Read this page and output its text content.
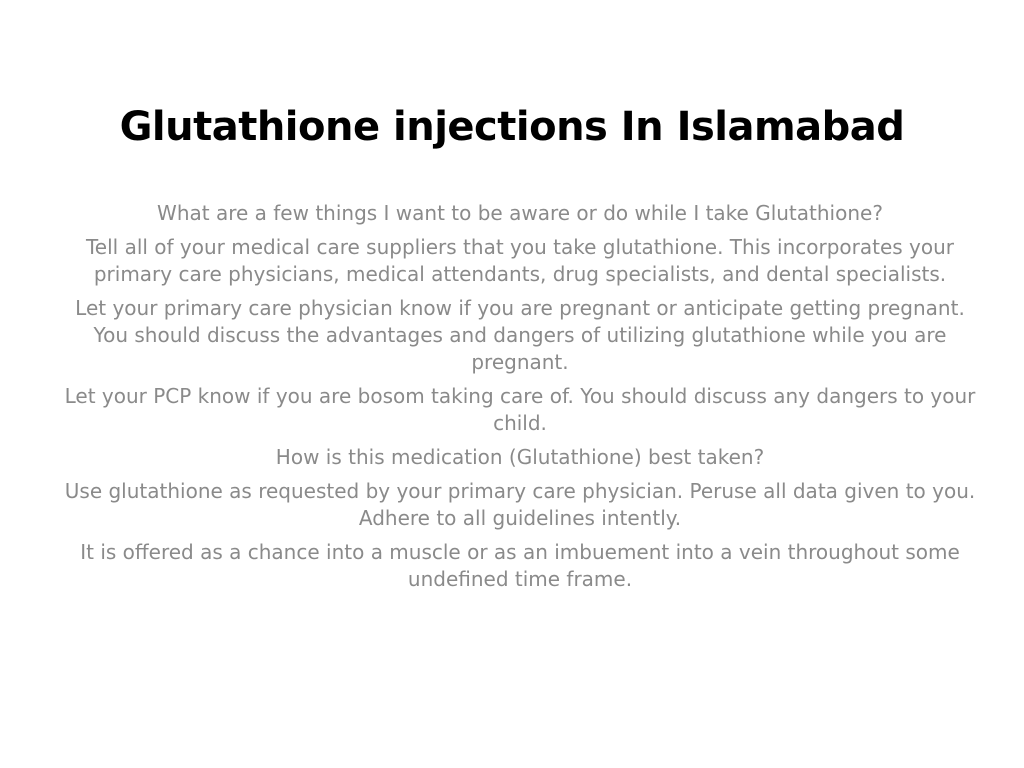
Glutathione injections In Islamabad

What are a few things I want to be aware or do while I take Glutathione?

Tell all of your medical care suppliers that you take glutathione. This incorporates your primary care physicians, medical attendants, drug specialists, and dental specialists.

Let your primary care physician know if you are pregnant or anticipate getting pregnant. You should discuss the advantages and dangers of utilizing glutathione while you are pregnant.

Let your PCP know if you are bosom taking care of. You should discuss any dangers to your child.

How is this medication (Glutathione) best taken?

Use glutathione as requested by your primary care physician. Peruse all data given to you. Adhere to all guidelines intently.

It is offered as a chance into a muscle or as an imbuement into a vein throughout some undefined time frame.
